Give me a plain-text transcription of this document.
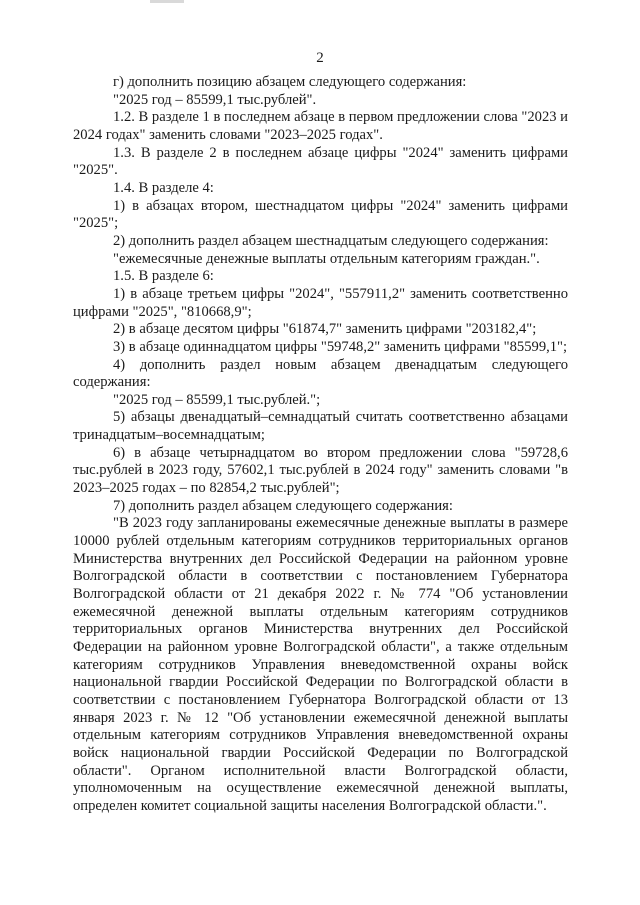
2

г) дополнить позицию абзацем следующего содержания:

"2025 год – 85599,1 тыс.рублей".

1.2. В разделе 1 в последнем абзаце в первом предложении слова "2023 и 2024 годах" заменить словами "2023–2025 годах".

1.3. В разделе 2 в последнем абзаце цифры "2024" заменить цифрами "2025".

1.4. В разделе 4:

1) в абзацах втором, шестнадцатом цифры "2024" заменить цифрами "2025";

2) дополнить раздел абзацем шестнадцатым следующего содержания:

"ежемесячные денежные выплаты отдельным категориям граждан.".

1.5. В разделе 6:

1) в абзаце третьем цифры "2024", "557911,2" заменить соответственно цифрами "2025", "810668,9";

2) в абзаце десятом цифры "61874,7" заменить цифрами "203182,4";

3) в абзаце одиннадцатом цифры "59748,2" заменить цифрами "85599,1";

4) дополнить раздел новым абзацем двенадцатым следующего содержания:

"2025 год – 85599,1 тыс.рублей.";

5) абзацы двенадцатый–семнадцатый считать соответственно абзацами тринадцатым–восемнадцатым;

6) в абзаце четырнадцатом во втором предложении слова "59728,6 тыс.рублей в 2023 году, 57602,1 тыс.рублей в 2024 году" заменить словами "в 2023–2025 годах – по 82854,2 тыс.рублей";

7) дополнить раздел абзацем следующего содержания:

"В 2023 году запланированы ежемесячные денежные выплаты в размере 10000 рублей отдельным категориям сотрудников территориальных органов Министерства внутренних дел Российской Федерации на районном уровне Волгоградской области в соответствии с постановлением Губернатора Волгоградской области от 21 декабря 2022 г. № 774 "Об установлении ежемесячной денежной выплаты отдельным категориям сотрудников территориальных органов Министерства внутренних дел Российской Федерации на районном уровне Волгоградской области", а также отдельным категориям сотрудников Управления вневедомственной охраны войск национальной гвардии Российской Федерации по Волгоградской области в соответствии с постановлением Губернатора Волгоградской области от 13 января 2023 г. № 12 "Об установлении ежемесячной денежной выплаты отдельным категориям сотрудников Управления вневедомственной охраны войск национальной гвардии Российской Федерации по Волгоградской области". Органом исполнительной власти Волгоградской области, уполномоченным на осуществление ежемесячной денежной выплаты, определен комитет социальной защиты населения Волгоградской области.".
